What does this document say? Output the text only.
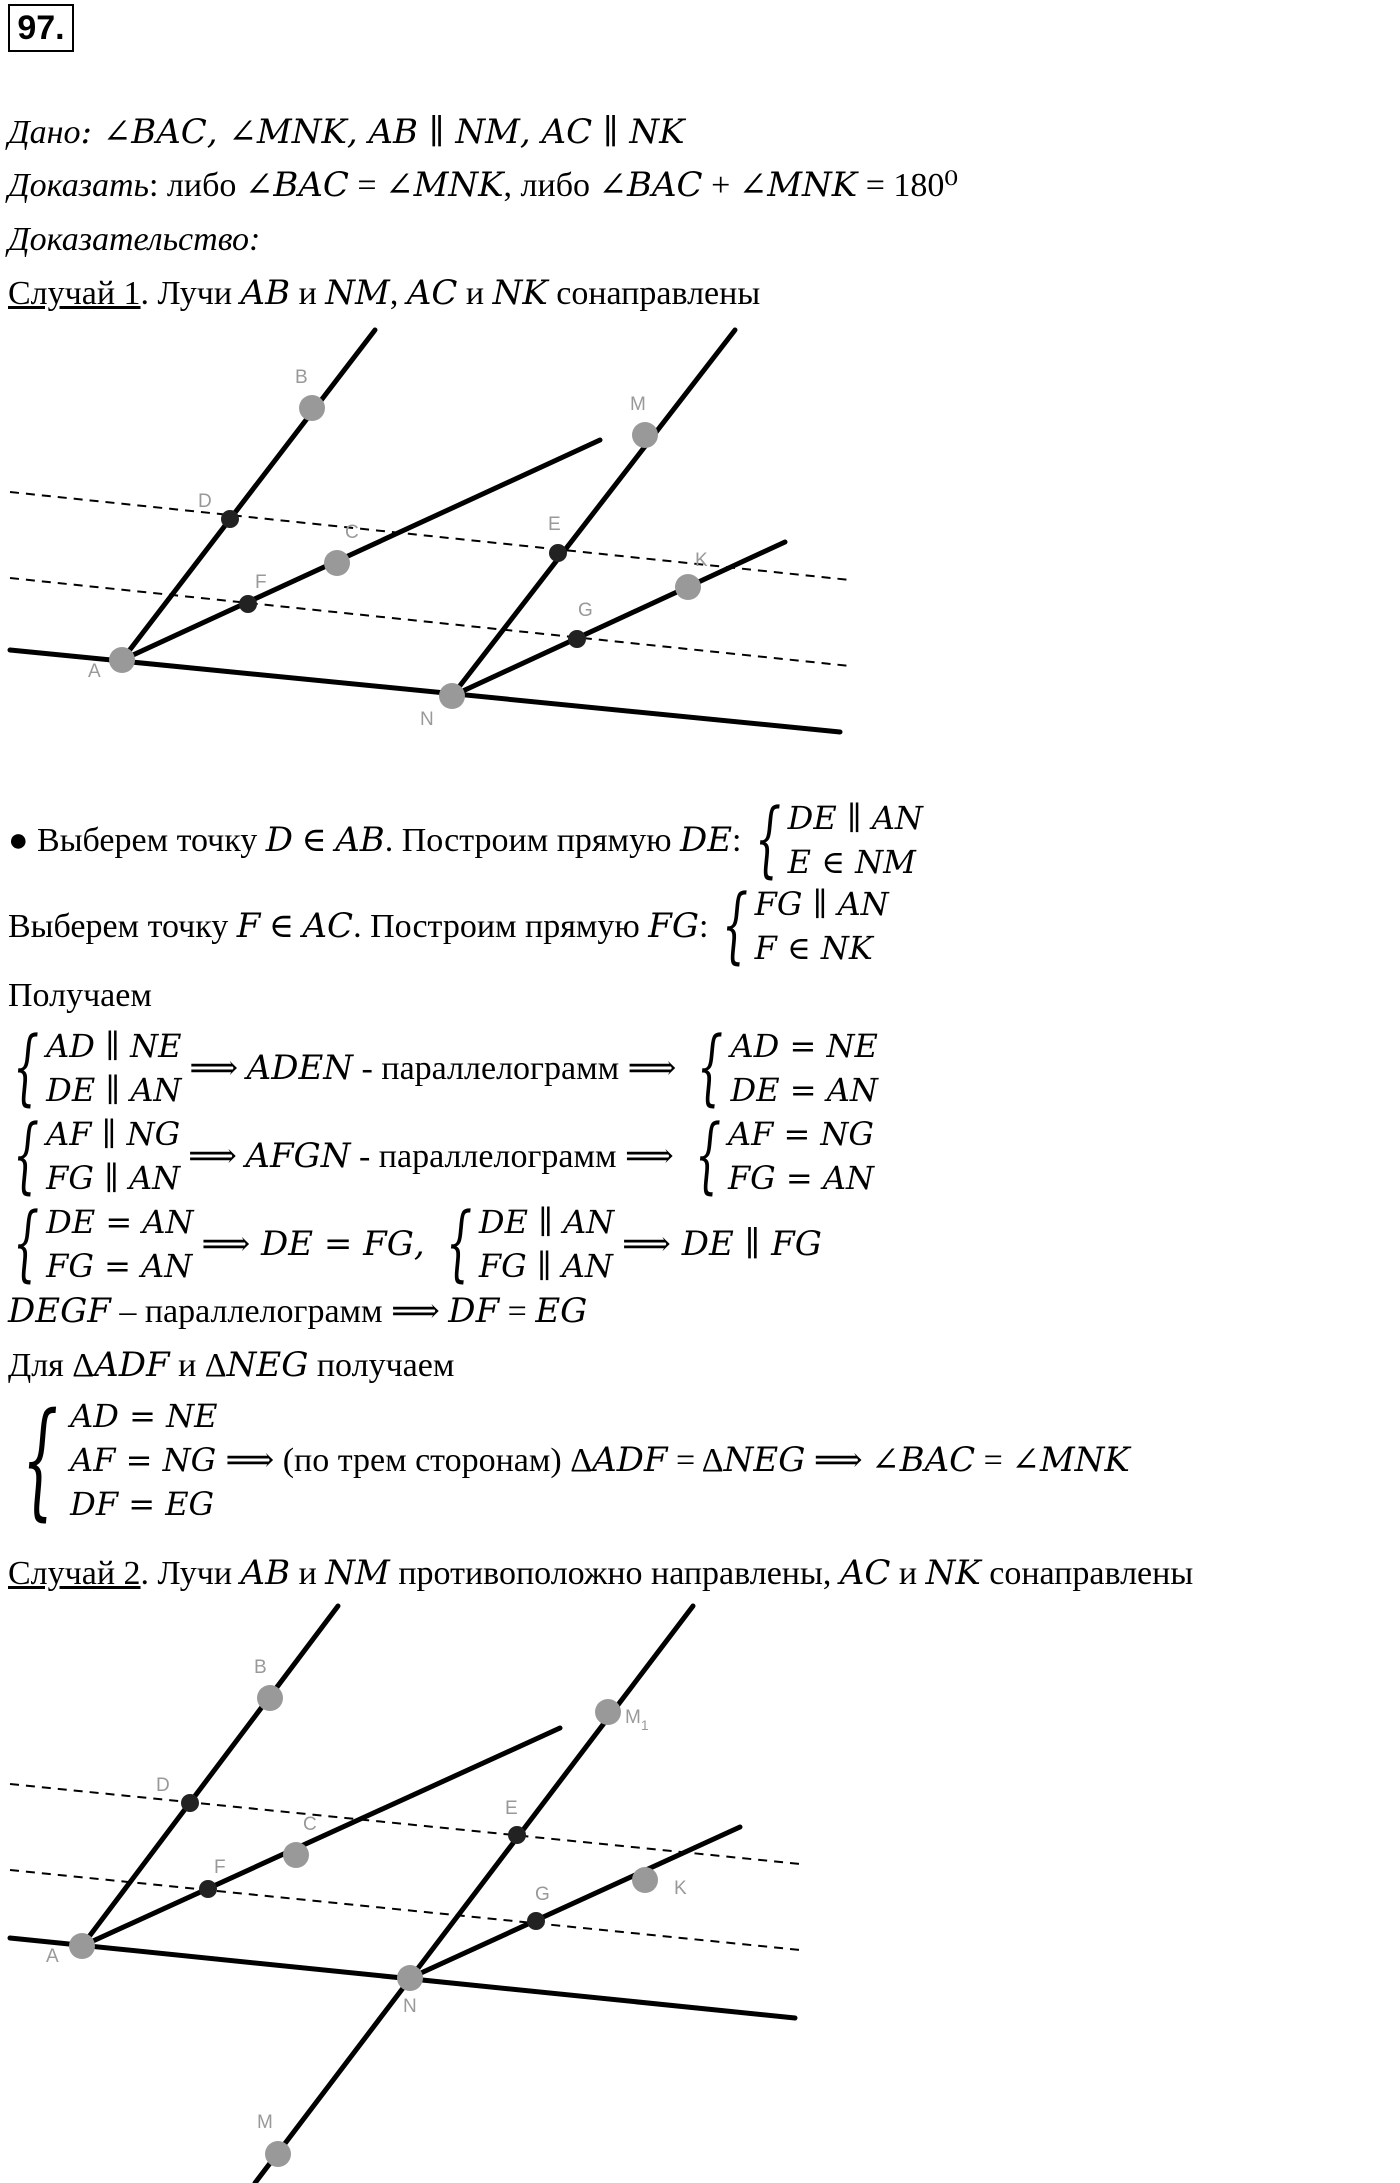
97.
Дано: ∠𝐵𝐴𝐶, ∠𝑀𝑁𝐾, 𝐴𝐵 ∥ 𝑁𝑀, 𝐴𝐶 ∥ 𝑁𝐾
Доказать: либо ∠𝐵𝐴𝐶 = ∠𝑀𝑁𝐾, либо ∠𝐵𝐴𝐶 + ∠𝑀𝑁𝐾 = 180⁰
Доказательство:
Случай 1. Лучи 𝐴𝐵 и 𝑁𝑀, 𝐴𝐶 и 𝑁𝐾 сонаправлены
A
B
C
D
E
F
G
K
M
N
● Выберем точку 𝐷 ∈ 𝐴𝐵. Построим прямую 𝐷𝐸: { 𝐷𝐸 ∥ 𝐴𝑁
𝐸 ∈ 𝑁𝑀
Выберем точку 𝐹 ∈ 𝐴𝐶. Построим прямую 𝐹𝐺: { 𝐹𝐺 ∥ 𝐴𝑁
𝐹 ∈ 𝑁𝐾
Получаем
{ 𝐴𝐷 ∥ 𝑁𝐸
𝐷𝐸 ∥ 𝐴𝑁
⟹ 𝐴𝐷𝐸𝑁 - параллелограмм ⟹ { 𝐴𝐷 = 𝑁𝐸
𝐷𝐸 = 𝐴𝑁
{ 𝐴𝐹 ∥ 𝑁𝐺
𝐹𝐺 ∥ 𝐴𝑁
⟹ 𝐴𝐹𝐺𝑁 - параллелограмм ⟹ { 𝐴𝐹 = 𝑁𝐺
𝐹𝐺 = 𝐴𝑁
{ 𝐷𝐸 = 𝐴𝑁
𝐹𝐺 = 𝐴𝑁
⟹ 𝐷𝐸 = 𝐹𝐺, { 𝐷𝐸 ∥ 𝐴𝑁
𝐹𝐺 ∥ 𝐴𝑁
⟹ 𝐷𝐸 ∥ 𝐹𝐺
𝐷𝐸𝐺𝐹 – параллелограмм ⟹ 𝐷𝐹 = 𝐸𝐺
Для Δ𝐴𝐷𝐹 и Δ𝑁𝐸𝐺 получаем
{ 𝐴𝐷 = 𝑁𝐸
𝐴𝐹 = 𝑁𝐺
𝐷𝐹 = 𝐸𝐺
⟹ (по трем сторонам) Δ𝐴𝐷𝐹 = Δ𝑁𝐸𝐺 ⟹ ∠𝐵𝐴𝐶 = ∠𝑀𝑁𝐾
Случай 2. Лучи 𝐴𝐵 и 𝑁𝑀 противоположно направлены, 𝐴𝐶 и 𝑁𝐾 сонаправлены
A
B
C
D
E
F
G	K
$M_1$
N
M
